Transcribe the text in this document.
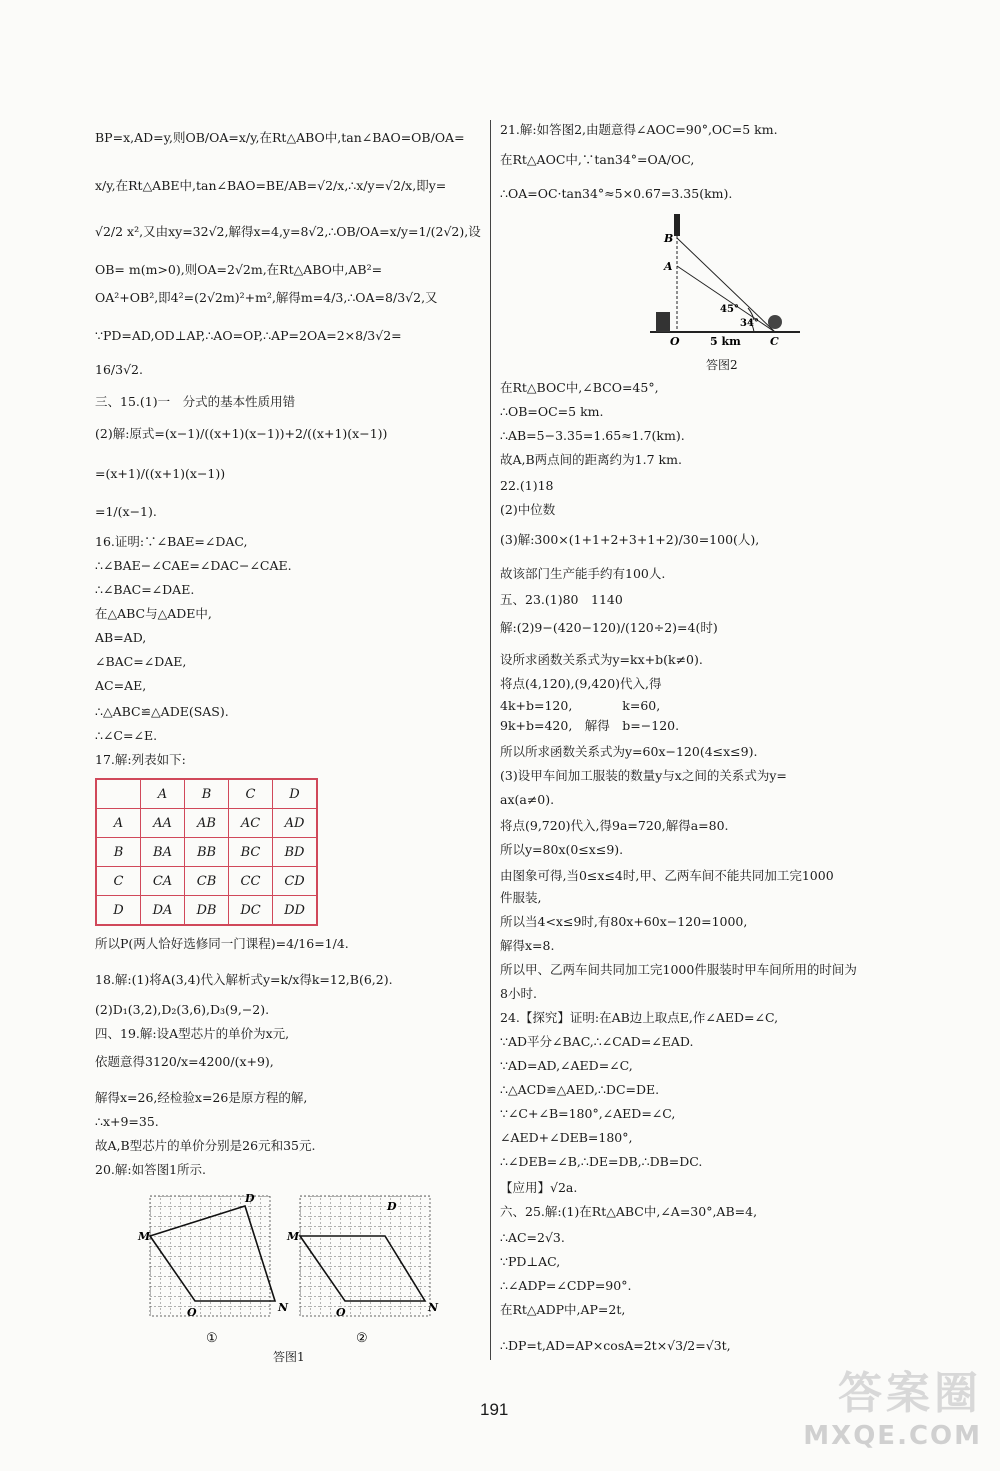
BP=x,AD=y,则OB/OA=x/y,在Rt△ABO中,tan∠BAO=OB/OA=
x/y,在Rt△ABE中,tan∠BAO=BE/AB=√2/x,∴x/y=√2/x,即y=
√2/2 x²,又由xy=32√2,解得x=4,y=8√2,∴OB/OA=x/y=1/(2√2),设
OB= m(m>0),则OA=2√2m,在Rt△ABO中,AB²=
OA²+OB²,即4²=(2√2m)²+m²,解得m=4/3,∴OA=8/3√2,又
∵PD=AD,OD⊥AP,∴AO=OP,∴AP=2OA=2×8/3√2=
16/3√2.
三、15.(1)一　分式的基本性质用错
(2)解:原式=(x−1)/((x+1)(x−1))+2/((x+1)(x−1))
=(x+1)/((x+1)(x−1))
=1/(x−1).
16.证明:∵∠BAE=∠DAC,
∴∠BAE−∠CAE=∠DAC−∠CAE.
∴∠BAC=∠DAE.
在△ABC与△ADE中,
AB=AD,
∠BAC=∠DAE,
AC=AE,
∴△ABC≌△ADE(SAS).
∴∠C=∠E.
17.解:列表如下:
所以P(两人恰好选修同一门课程)=4/16=1/4.
18.解:(1)将A(3,4)代入解析式y=k/x得k=12,B(6,2).
(2)D₁(3,2),D₂(3,6),D₃(9,−2).
四、19.解:设A型芯片的单价为x元,
依题意得3120/x=4200/(x+9),
解得x=26,经检验x=26是原方程的解,
∴x+9=35.
故A,B型芯片的单价分别是26元和35元.
20.解:如答图1所示.
	A	B	C	D
A	AA	AB	AC	AD
B	BA	BB	BC	BD
C	CA	CB	CC	CD
D	DA	DB	DC	DD
D
M
O	N
①
D
M
O	N
②
答图1
21.解:如答图2,由题意得∠AOC=90°,OC=5 km.
在Rt△AOC中,∵tan34°=OA/OC,
∴OA=OC·tan34°≈5×0.67=3.35(km).
在Rt△BOC中,∠BCO=45°,
∴OB=OC=5 km.
∴AB=5−3.35=1.65≈1.7(km).
故A,B两点间的距离约为1.7 km.
22.(1)18
(2)中位数
(3)解:300×(1+1+2+3+1+2)/30=100(人),
故该部门生产能手约有100人.
五、23.(1)80　1140
解:(2)9−(420−120)/(120÷2)=4(时)
设所求函数关系式为y=kx+b(k≠0).
将点(4,120),(9,420)代入,得
4k+b=120,　　　　k=60,
9k+b=420,　解得　b=−120.
所以所求函数关系式为y=60x−120(4≤x≤9).
(3)设甲车间加工服装的数量y与x之间的关系式为y=
ax(a≠0).
将点(9,720)代入,得9a=720,解得a=80.
所以y=80x(0≤x≤9).
由图象可得,当0≤x≤4时,甲、乙两车间不能共同加工完1000
件服装,
所以当4<x≤9时,有80x+60x−120=1000,
解得x=8.
所以甲、乙两车间共同加工完1000件服装时甲车间所用的时间为
8小时.
24.【探究】证明:在AB边上取点E,作∠AED=∠C,
∵AD平分∠BAC,∴∠CAD=∠EAD.
∵AD=AD,∠AED=∠C,
∴△ACD≌△AED,∴DC=DE.
∵∠C+∠B=180°,∠AED=∠C,
∠AED+∠DEB=180°,
∴∠DEB=∠B,∴DE=DB,∴DB=DC.
【应用】√2a.
六、25.解:(1)在Rt△ABC中,∠A=30°,AB=4,
∴AC=2√3.
∵PD⊥AC,
∴∠ADP=∠CDP=90°.
在Rt△ADP中,AP=2t,
∴DP=t,AD=AP×cosA=2t×√3/2=√3t,
B
A
45°
34°
O	5 km	C
答图2
191	答案圈
MXQE.COM
